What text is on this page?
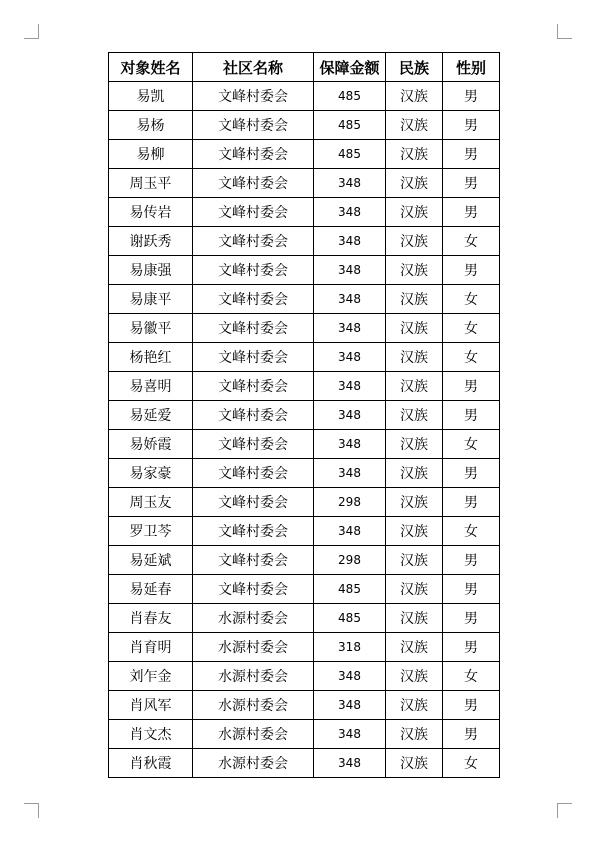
对象姓名	社区名称	保障金额	民族	性别
易凯	文峰村委会	485	汉族	男
易杨	文峰村委会	485	汉族	男
易柳	文峰村委会	485	汉族	男
周玉平	文峰村委会	348	汉族	男
易传岩	文峰村委会	348	汉族	男
谢跃秀	文峰村委会	348	汉族	女
易康强	文峰村委会	348	汉族	男
易康平	文峰村委会	348	汉族	女
易徽平	文峰村委会	348	汉族	女
杨艳红	文峰村委会	348	汉族	女
易喜明	文峰村委会	348	汉族	男
易延爱	文峰村委会	348	汉族	男
易娇霞	文峰村委会	348	汉族	女
易家豪	文峰村委会	348	汉族	男
周玉友	文峰村委会	298	汉族	男
罗卫芩	文峰村委会	348	汉族	女
易延斌	文峰村委会	298	汉族	男
易延春	文峰村委会	485	汉族	男
肖春友	水源村委会	485	汉族	男
肖育明	水源村委会	318	汉族	男
刘乍金	水源村委会	348	汉族	女
肖风军	水源村委会	348	汉族	男
肖文杰	水源村委会	348	汉族	男
肖秋霞	水源村委会	348	汉族	女
